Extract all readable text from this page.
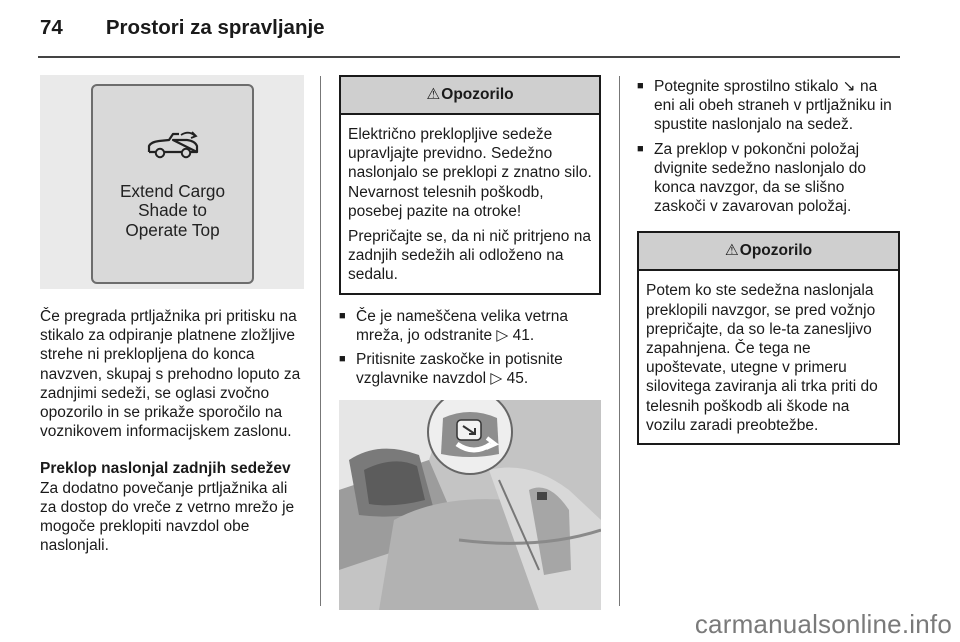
74 Prostori za spravljanje
Extend Cargo
Shade to
Operate Top

Če pregrada prtljažnika pri pritisku na stikalo za odpiranje platnene zložljive strehe ni preklopljena do konca navzven, skupaj s prehodno loputo za zadnjimi sedeži, se oglasi zvočno opozorilo in se prikaže sporočilo na voznikovem informacijskem zaslonu.

Preklop naslonjal zadnjih sedežev

Za dodatno povečanje prtljažnika ali za dostop do vreče z vetrno mrežo je mogoče preklopiti navzdol obe naslonjali.

⚠Opozorilo

Električno preklopljive sedeže upravljajte previdno. Sedežno naslonjalo se preklopi z znatno silo. Nevarnost telesnih poškodb, posebej pazite na otroke!

Prepričajte se, da ni nič pritrjeno na zadnjih sedežih ali odloženo na sedalu.

■ Če je nameščena velika vetrna mreža, jo odstranite ▷ 41.
■ Pritisnite zaskočke in potisnite vzglavnike navzdol ▷ 45.
■ Potegnite sprostilno stikalo ↘ na eni ali obeh straneh v prtljažniku in spustite naslonjalo na sedež.
■ Za preklop v pokončni položaj dvignite sedežno naslonjalo do konca navzgor, da se slišno zaskoči v zavarovan položaj.
⚠Opozorilo

Potem ko ste sedežna naslonjala preklopili navzgor, se pred vožnjo prepričajte, da so le-ta zanesljivo zapahnjena. Če tega ne upoštevate, utegne v primeru silovitega zaviranja ali trka priti do telesnih poškodb ali škode na vozilu zaradi preobtežbe.

carmanualsonline.info
